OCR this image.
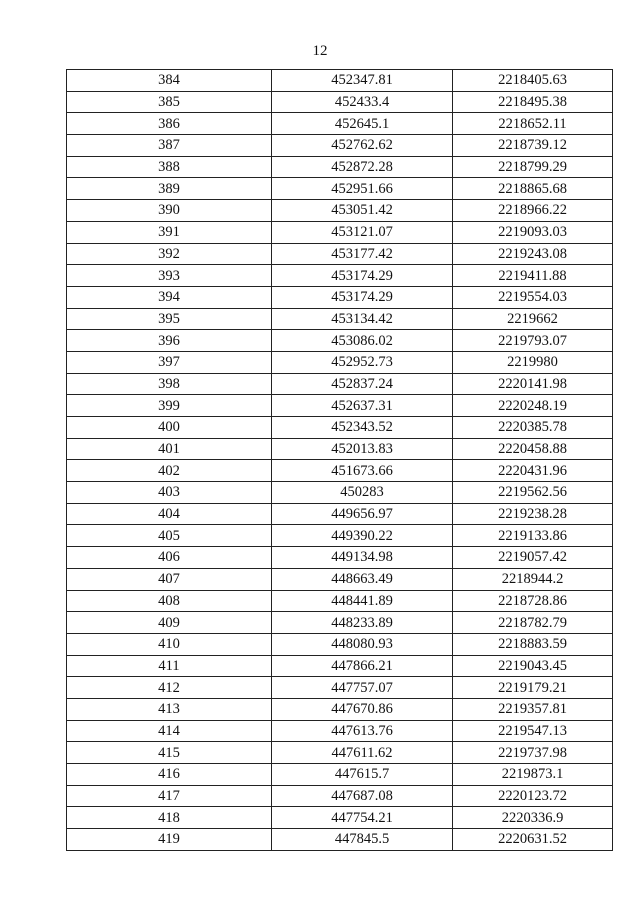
12
384	452347.81	2218405.63
385	452433.4	2218495.38
386	452645.1	2218652.11
387	452762.62	2218739.12
388	452872.28	2218799.29
389	452951.66	2218865.68
390	453051.42	2218966.22
391	453121.07	2219093.03
392	453177.42	2219243.08
393	453174.29	2219411.88
394	453174.29	2219554.03
395	453134.42	2219662
396	453086.02	2219793.07
397	452952.73	2219980
398	452837.24	2220141.98
399	452637.31	2220248.19
400	452343.52	2220385.78
401	452013.83	2220458.88
402	451673.66	2220431.96
403	450283	2219562.56
404	449656.97	2219238.28
405	449390.22	2219133.86
406	449134.98	2219057.42
407	448663.49	2218944.2
408	448441.89	2218728.86
409	448233.89	2218782.79
410	448080.93	2218883.59
411	447866.21	2219043.45
412	447757.07	2219179.21
413	447670.86	2219357.81
414	447613.76	2219547.13
415	447611.62	2219737.98
416	447615.7	2219873.1
417	447687.08	2220123.72
418	447754.21	2220336.9
419	447845.5	2220631.52
